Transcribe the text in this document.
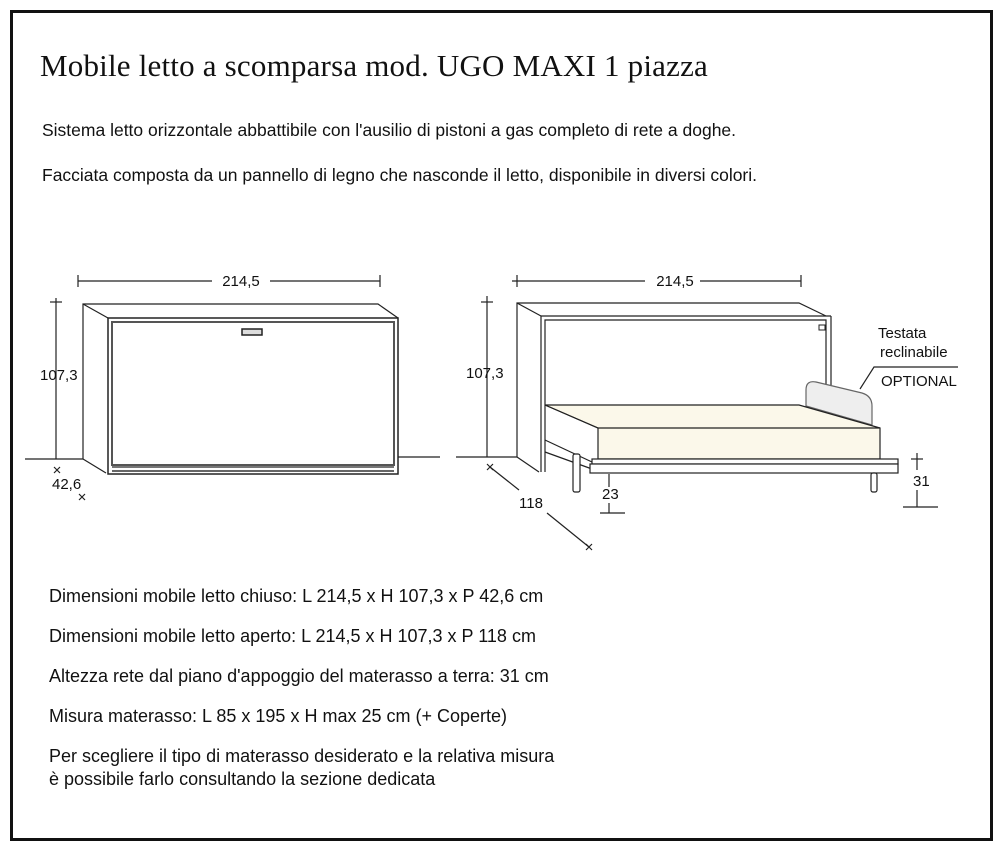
Mobile letto a scomparsa mod. UGO MAXI 1 piazza
Sistema letto orizzontale abbattibile con l'ausilio di pistoni a gas completo di rete a doghe.
Facciata composta da un pannello di legno che nasconde il letto, disponibile in diversi colori.
214,5
107,3
42,6
214,5
107,3
23
31
118
Testata
reclinabile
OPTIONAL
Dimensioni mobile letto chiuso: L 214,5 x H 107,3 x P 42,6 cm
Dimensioni mobile letto aperto: L 214,5 x H 107,3 x P 118 cm
Altezza rete dal piano d'appoggio del materasso a terra: 31 cm
Misura materasso: L 85 x 195 x H max 25 cm (+ Coperte)
Per scegliere il tipo di materasso desiderato e la relativa misura
è possibile farlo consultando la sezione dedicata
